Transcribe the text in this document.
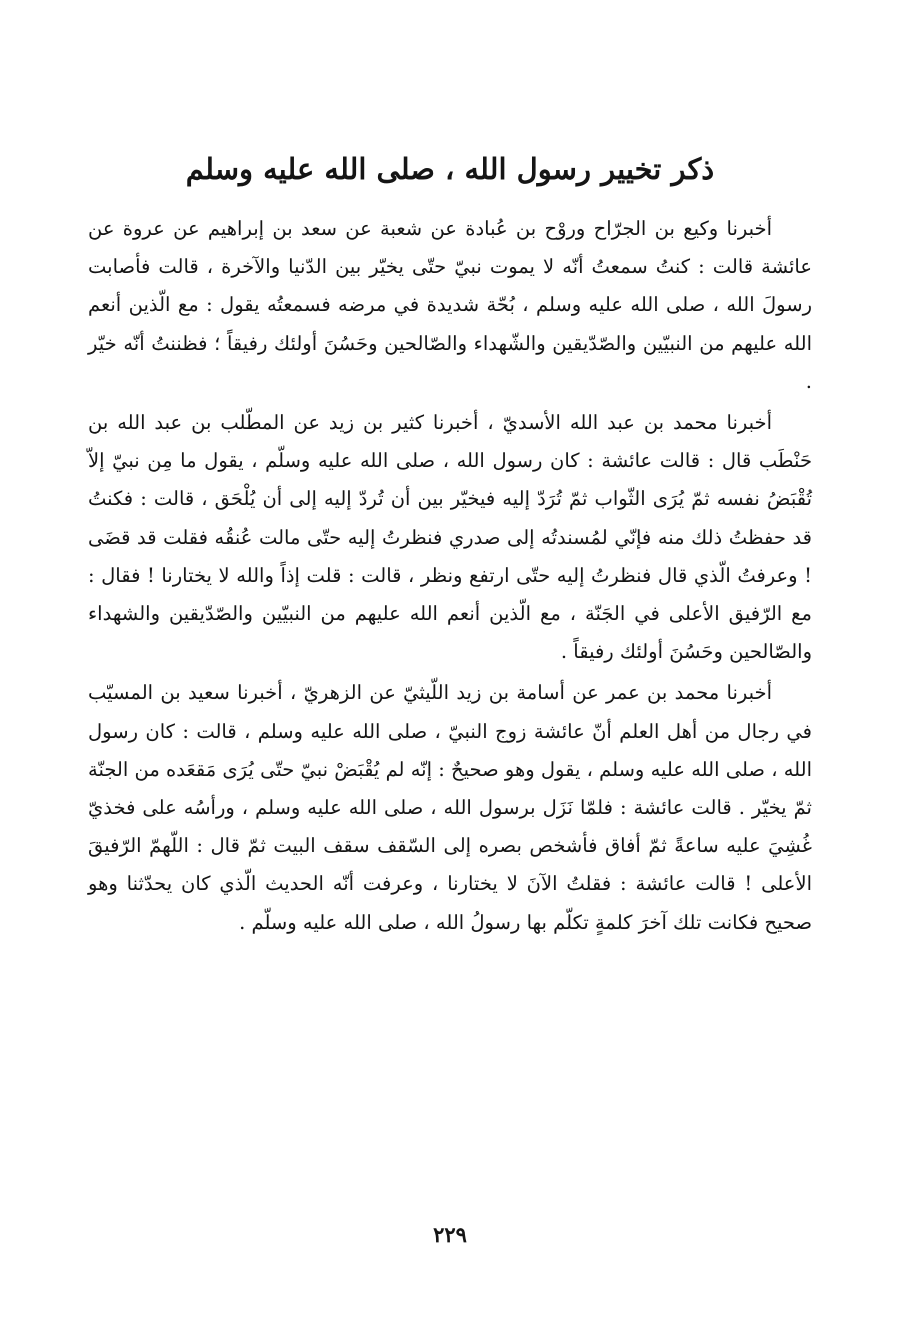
ذكر تخيير رسول الله ، صلى الله عليه وسلم

أخبرنا وكيع بن الجرّاح وروْح بن عُبادة عن شعبة عن سعد بن إبراهيم عن عروة عن عائشة قالت : كنتُ سمعتُ أنّه لا يموت نبيّ حتّى يخيّر بين الدّنيا والآخرة ، قالت فأصابت رسولَ الله ، صلى الله عليه وسلم ، بُحّة شديدة في مرضه فسمعتُه يقول : مع الّذين أنعم الله عليهم من النبيّين والصّدّيقين والشّهداء والصّالحين وحَسُنَ أولئك رفيقاً ؛ فظننتُ أنّه خيّر .

أخبرنا محمد بن عبد الله الأسديّ ، أخبرنا كثير بن زيد عن المطّلب بن عبد الله بن حَنْطَب قال : قالت عائشة : كان رسول الله ، صلى الله عليه وسلّم ، يقول ما مِن نبيّ إلاّ تُقْبَضُ نفسه ثمّ يُرَى الثّواب ثمّ تُرَدّ إليه فيخيّر بين أن تُردّ إليه إلى أن يُلْحَق ، قالت : فكنتُ قد حفظتُ ذلك منه فإنّي لمُسندتُه إلى صدري فنظرتُ إليه حتّى مالت عُنقُه فقلت قد قضَى ! وعرفتُ الّذي قال فنظرتُ إليه حتّى ارتفع ونظر ، قالت : قلت إذاً والله لا يختارنا ! فقال : مع الرّفيق الأعلى في الجَنّة ، مع الّذين أنعم الله عليهم من النبيّين والصّدّيقين والشهداء والصّالحين وحَسُنَ أولئك رفيقاً .

أخبرنا محمد بن عمر عن أسامة بن زيد اللّيثيّ عن الزهريّ ، أخبرنا سعيد بن المسيّب في رجال من أهل العلم أنّ عائشة زوج النبيّ ، صلى الله عليه وسلم ، قالت : كان رسول الله ، صلى الله عليه وسلم ، يقول وهو صحيحٌ : إنّه لم يُقْبَضْ نبيّ حتّى يُرَى مَقعَده من الجنّة ثمّ يخيّر . قالت عائشة : فلمّا نَزَل برسول الله ، صلى الله عليه وسلم ، ورأسُه على فخذيّ غُشِيَ عليه ساعةً ثمّ أفاق فأشخص بصره إلى السّقف سقف البيت ثمّ قال : اللّهمّ الرّفيقَ الأعلى ! قالت عائشة : فقلتُ الآنَ لا يختارنا ، وعرفت أنّه الحديث الّذي كان يحدّثنا وهو صحيح فكانت تلك آخرَ كلمةٍ تكلّم بها رسولُ الله ، صلى الله عليه وسلّم .

٢٢٩
